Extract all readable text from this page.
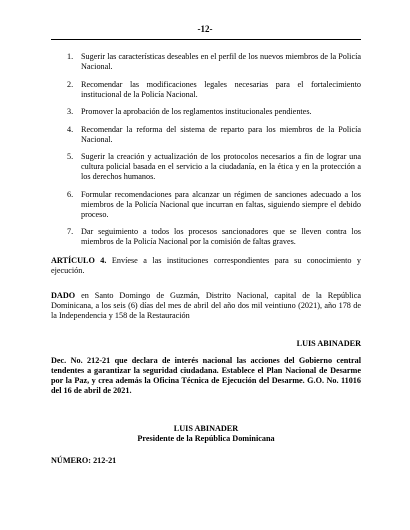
-12-
1. Sugerir las características deseables en el perfil de los nuevos miembros de la Policía Nacional.
2. Recomendar las modificaciones legales necesarias para el fortalecimiento institucional de la Policía Nacional.
3. Promover la aprobación de los reglamentos institucionales pendientes.
4. Recomendar la reforma del sistema de reparto para los miembros de la Policía Nacional.
5. Sugerir la creación y actualización de los protocolos necesarios a fin de lograr una cultura policial basada en el servicio a la ciudadanía, en la ética y en la protección a los derechos humanos.
6. Formular recomendaciones para alcanzar un régimen de sanciones adecuado a los miembros de la Policía Nacional que incurran en faltas, siguiendo siempre el debido proceso.
7. Dar seguimiento a todos los procesos sancionadores que se lleven contra los miembros de la Policía Nacional por la comisión de faltas graves.

ARTÍCULO 4. Envíese a las instituciones correspondientes para su conocimiento y ejecución.

DADO en Santo Domingo de Guzmán, Distrito Nacional, capital de la República Dominicana, a los seis (6) días del mes de abril del año dos mil veintiuno (2021), año 178 de la Independencia y 158 de la Restauración

LUIS ABINADER

Dec. No. 212-21 que declara de interés nacional las acciones del Gobierno central tendentes a garantizar la seguridad ciudadana. Establece el Plan Nacional de Desarme por la Paz, y crea además la Oficina Técnica de Ejecución del Desarme. G.O. No. 11016 del 16 de abril de 2021.

LUIS ABINADER

Presidente de la República Dominicana

NÚMERO: 212-21
